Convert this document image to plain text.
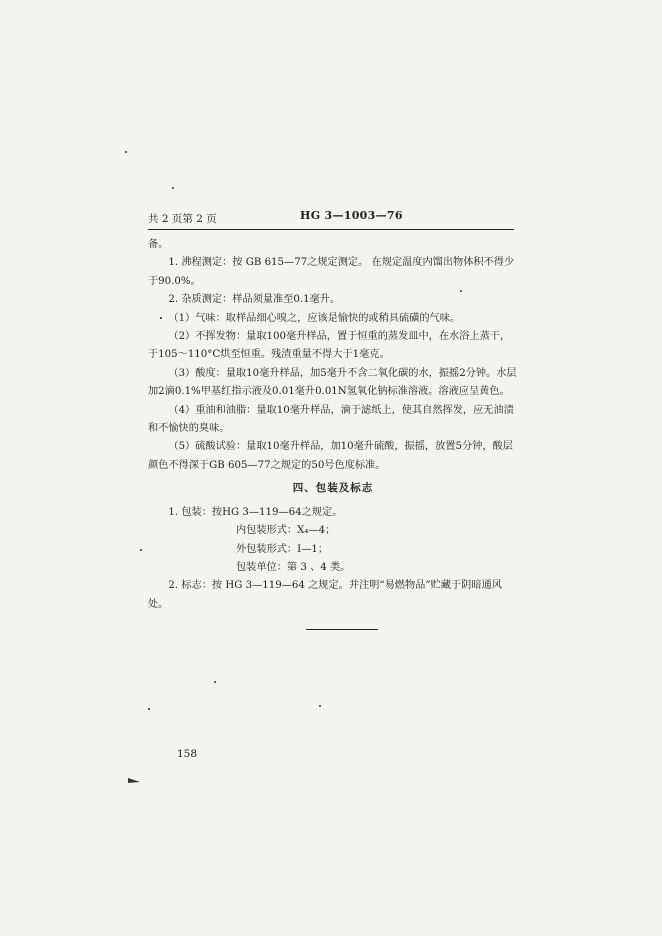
共 2 页第 2 页	HG 3—1003—76

备。

1. 沸程测定：按 GB 615—77之规定测定。 在规定温度内馏出物体积不得少于90.0%。

2. 杂质测定：样品须量准至0.1毫升。

（1）气味：取样品细心嗅之，应该是愉快的或稍具硫磺的气味。

（2）不挥发物：量取100毫升样品，置于恒重的蒸发皿中，在水浴上蒸干，于105～110°C烘至恒重。残渣重量不得大于1毫克。

（3）酸度：量取10毫升样品，加5毫升不含二氧化碳的水，振摇2分钟。水层加2滴0.1%甲基红指示液及0.01毫升0.01N氢氧化钠标准溶液。溶液应呈黄色。

（4）重油和油脂：量取10毫升样品，滴于滤纸上，使其自然挥发，应无油渍和不愉快的臭味。

（5）硫酸试验：量取10毫升样品，加10毫升硫酸，振摇，放置5分钟，酸层颜色不得深于GB 605—77之规定的50号色度标准。

四、包装及标志

1. 包装：按HG 3—119—64之规定。

内包装形式：X₄—4；

外包装形式：Ⅰ—1；

包装单位：第 3 、4 类。

2. 标志：按 HG 3—119—64 之规定。并注明“易燃物品”贮藏于阴暗通风处。

158
